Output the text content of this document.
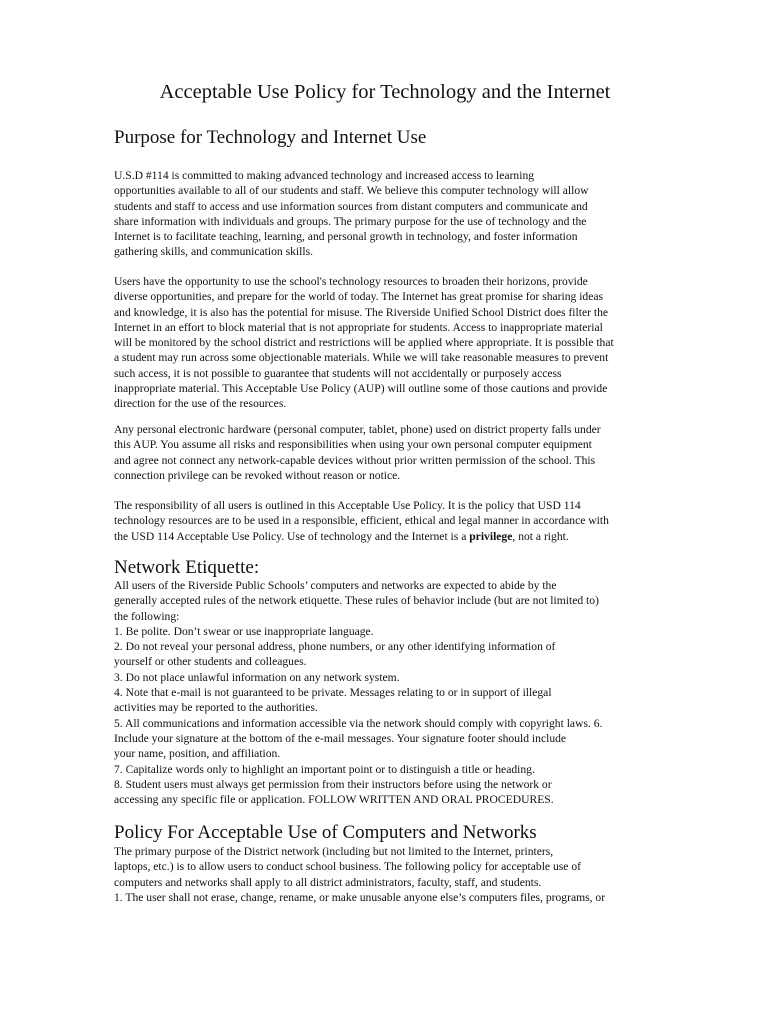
Acceptable Use Policy for Technology and the Internet
Purpose for Technology and Internet Use
U.S.D #114 is committed to making advanced technology and increased access to learning
opportunities available to all of our students and staff. We believe this computer technology will allow
students and staff to access and use information sources from distant computers and communicate and
share information with individuals and groups. The primary purpose for the use of technology and the
Internet is to facilitate teaching, learning, and personal growth in technology, and foster information
gathering skills, and communication skills.
Users have the opportunity to use the school's technology resources to broaden their horizons, provide
diverse opportunities, and prepare for the world of today. The Internet has great promise for sharing ideas
and knowledge, it is also has the potential for misuse. The Riverside Unified School District does filter the
Internet in an effort to block material that is not appropriate for students. Access to inappropriate material
will be monitored by the school district and restrictions will be applied where appropriate. It is possible that
a student may run across some objectionable materials. While we will take reasonable measures to prevent
such access, it is not possible to guarantee that students will not accidentally or purposely access
inappropriate material. This Acceptable Use Policy (AUP) will outline some of those cautions and provide
direction for the use of the resources.
Any personal electronic hardware (personal computer, tablet, phone) used on district property falls under
this AUP. You assume all risks and responsibilities when using your own personal computer equipment
and agree not connect any network-capable devices without prior written permission of the school. This
connection privilege can be revoked without reason or notice.
The responsibility of all users is outlined in this Acceptable Use Policy. It is the policy that USD 114
technology resources are to be used in a responsible, efficient, ethical and legal manner in accordance with
the USD 114 Acceptable Use Policy. Use of technology and the Internet is a privilege, not a right.
Network Etiquette:
All users of the Riverside Public Schools’ computers and networks are expected to abide by the
generally accepted rules of the network etiquette. These rules of behavior include (but are not limited to)
the following:
1. Be polite. Don’t swear or use inappropriate language.
2. Do not reveal your personal address, phone numbers, or any other identifying information of
yourself or other students and colleagues.
3. Do not place unlawful information on any network system.
4. Note that e-mail is not guaranteed to be private. Messages relating to or in support of illegal
activities may be reported to the authorities.
5. All communications and information accessible via the network should comply with copyright laws. 6.
Include your signature at the bottom of the e-mail messages. Your signature footer should include
your name, position, and affiliation.
7. Capitalize words only to highlight an important point or to distinguish a title or heading.
8. Student users must always get permission from their instructors before using the network or
accessing any specific file or application. FOLLOW WRITTEN AND ORAL PROCEDURES.
Policy For Acceptable Use of Computers and Networks
The primary purpose of the District network (including but not limited to the Internet, printers,
laptops, etc.) is to allow users to conduct school business. The following policy for acceptable use of
computers and networks shall apply to all district administrators, faculty, staff, and students.
1. The user shall not erase, change, rename, or make unusable anyone else’s computers files, programs, or
